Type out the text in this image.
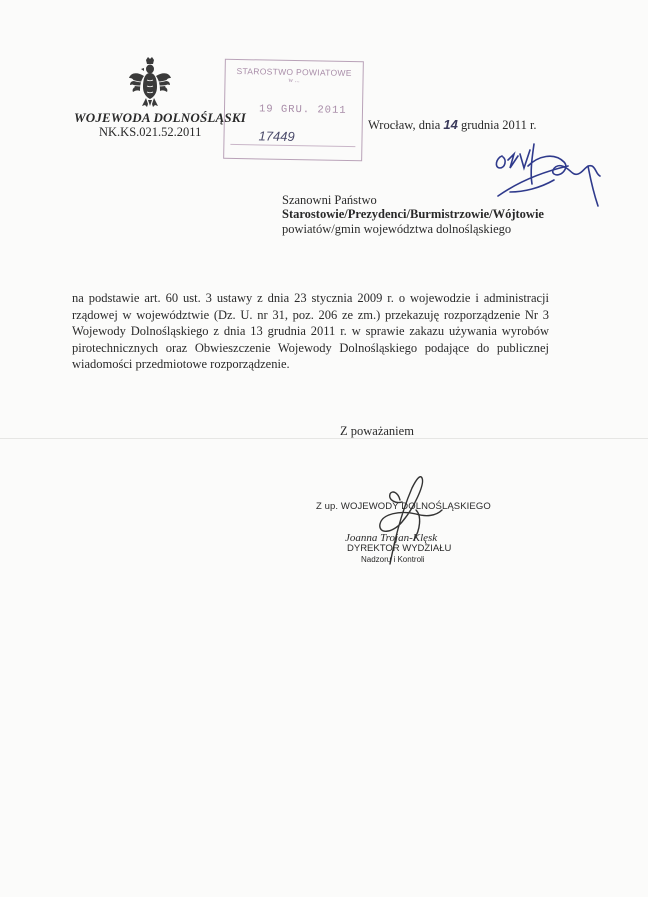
WOJEWODA DOLNOŚLĄSKI
NK.KS.021.52.2011
STAROSTWO POWIATOWE
w ...
19 GRU. 2011
17449
Wrocław, dnia 14 grudnia 2011 r.
Szanowni Państwo
Starostowie/Prezydenci/Burmistrzowie/Wójtowie
powiatów/gmin województwa dolnośląskiego
na podstawie art. 60 ust. 3 ustawy z dnia 23 stycznia 2009 r. o wojewodzie i administracji rządowej w województwie (Dz. U. nr 31, poz. 206 ze zm.) przekazuję rozporządzenie Nr 3 Wojewody Dolnośląskiego z dnia 13 grudnia 2011 r. w sprawie zakazu używania wyrobów pirotechnicznych oraz Obwieszczenie Wojewody Dolnośląskiego podające do publicznej wiadomości przedmiotowe rozporządzenie.
Z poważaniem
Z up. WOJEWODY DOLNOŚLĄSKIEGO
Joanna Trojan-Klęsk
DYREKTOR WYDZIAŁU
Nadzoru i Kontroli
